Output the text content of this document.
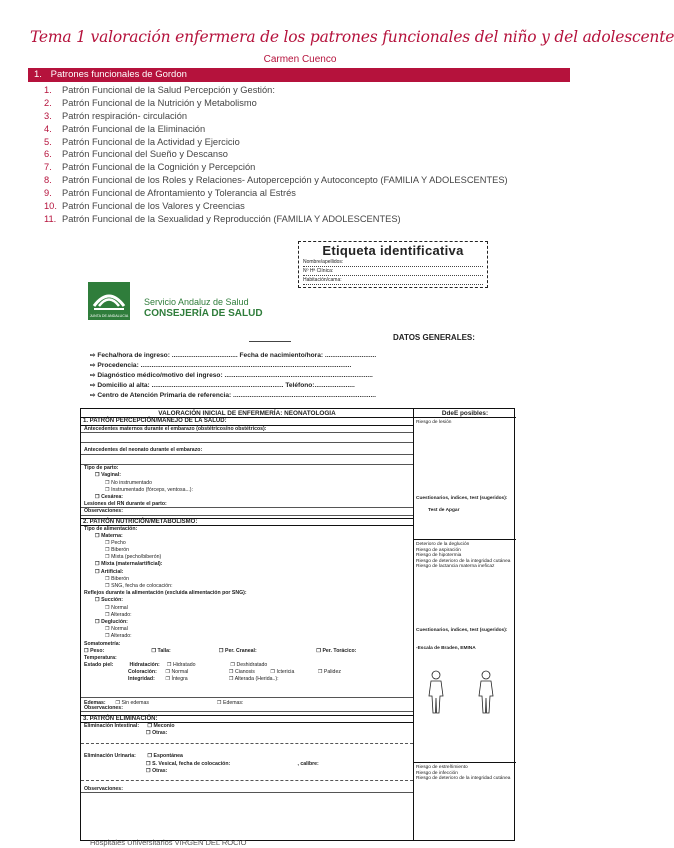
Tema 1 valoración enfermera de los patrones funcionales del niño y del adolescente
Carmen Cuenco
1. Patrones funcionales de Gordon
1. Patrón Funcional de la Salud Percepción y Gestión:
2. Patrón Funcional de la Nutrición y Metabolismo
3. Patrón respiración- circulación
4. Patrón Funcional de la Eliminación
5. Patrón Funcional de la Actividad y Ejercicio
6. Patrón Funcional del Sueño y Descanso
7. Patrón Funcional de la Cognición y Percepción
8. Patrón Funcional de los Roles y Relaciones- Autopercepción y Autoconcepto (FAMILIA Y ADOLESCENTES)
9. Patrón Funcional de Afrontamiento y Tolerancia al Estrés
10. Patrón Funcional de los Valores y Creencias
11. Patrón Funcional de la Sexualidad y Reproducción (FAMILIA Y ADOLESCENTES)
Etiqueta identificativa
Nombre/apellidos:
Nº Hª Clínica:
Habitación/cama:
JUNTA DE ANDALUCIA
Servicio Andaluz de Salud
CONSEJERÍA DE SALUD
DATOS GENERALES:
⇨ Fecha/hora de ingreso: .................................... Fecha de nacimiento/hora: ............................
⇨ Procedencia: ...................................................................................................................
⇨ Diagnóstico médico/motivo del ingreso: .................................................................................
⇨ Domicilio al alta: ........................................................................ Teléfono:......................
⇨ Centro de Atención Primaria de referencia: ..............................................................................
VALORACIÓN INICIAL DE ENFERMERÍA: NEONATOLOGIA
1. PATRÓN PERCEPCIÓN/MANEJO DE LA SALUD:
Antecedentes maternos durante el embarazo (obstétricos/no obstétricos):
Antecedentes del neonato durante el embarazo:
Tipo de parto:
❐ Vaginal:
❐ No instrumentado
❐ Instrumentado (fórceps, ventosa...):
❐ Cesárea:
Lesiones del RN durante el parto:
Observaciones:
2. PATRÓN NUTRICIÓN/METABOLISMO:
Tipo de alimentación:
❐ Materna:
❐ Pecho
❐ Biberón
❐ Mixta (pecho/biberón)
❐ Mixta (materna/artificial):
❐ Artificial:
❐ Biberón
❐ SNG, fecha de colocación:
Reflejos durante la alimentación (excluida alimentación por SNG):
❐ Succión:
❐ Normal
❐ Alterado:
❐ Deglución:
❐ Normal
❐ Alterado:
Somatometría:
❐ Peso:	❐ Talla:	❐ Per. Craneal:	❐ Per. Torácico:
Temperatura:
Estado piel:	Hidratación: ❐ Hidratado	❐ Deshidratado
Coloración: ❐ Normal	❐ Cianosis	❐ Ictericia	❐ Palidez
Integridad: ❐ Íntegra	❐ Alterada (Herida..):
Edemas: ❐ Sin edemas	❐ Edemas:
Observaciones:
3. PATRÓN ELIMINACIÓN:
Eliminación Intestinal: ❐ Meconio
❐ Otras:
Eliminación Urinaria: ❐ Espontánea
❐ S. Vesical, fecha de colocación:	, calibre:
❐ Otras:
Observaciones:
DdeE posibles:
Riesgo de lesión
Cuestionarios, índices, test (sugeridos):
Test de Apgar
Deterioro de la deglución
Riesgo de aspiración
Riesgo de hipotermia
Riesgo de deterioro de la integridad cutánea
Riesgo de lactancia materna ineficaz
Cuestionarios, índices, test (sugeridos):
-Escala de Braden, EMINA
Riesgo de estreñimiento
Riesgo de infección
Riesgo de deterioro de la integridad cutánea
Hospitales Universitarios VIRGEN DEL ROCIO
